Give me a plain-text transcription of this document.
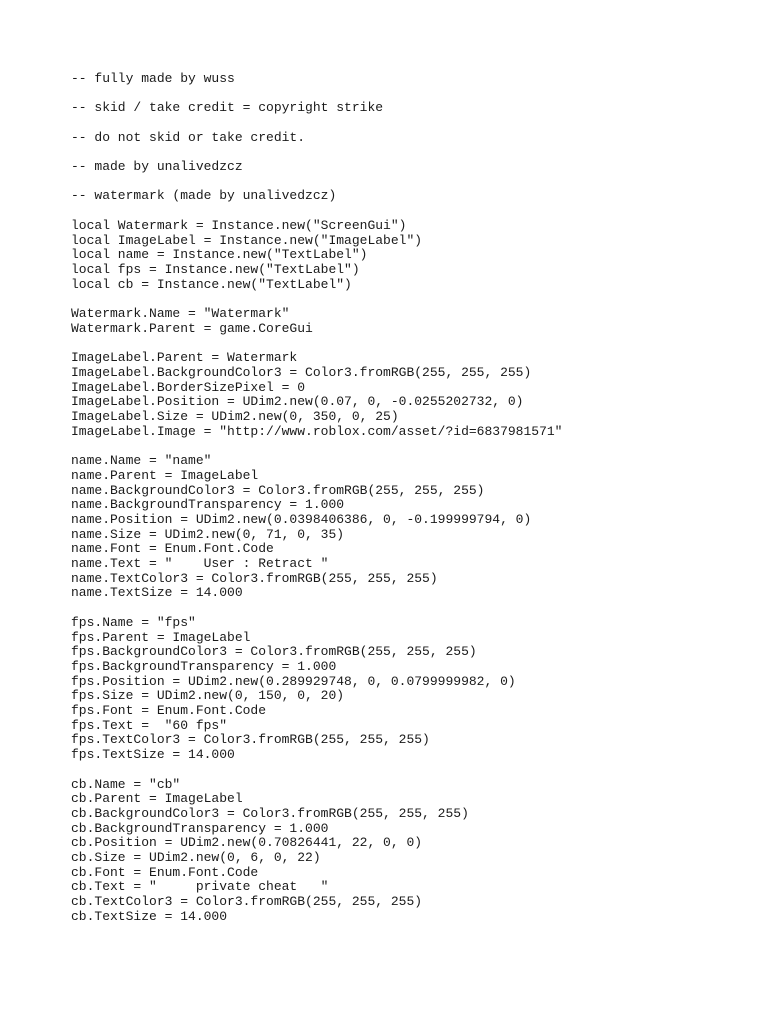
-- fully made by wuss
-- skid / take credit = copyright strike
-- do not skid or take credit.
-- made by unalivedzcz
-- watermark (made by unalivedzcz)
local Watermark = Instance.new("ScreenGui")
local ImageLabel = Instance.new("ImageLabel")
local name = Instance.new("TextLabel")
local fps = Instance.new("TextLabel")
local cb = Instance.new("TextLabel")
Watermark.Name = "Watermark"
Watermark.Parent = game.CoreGui
ImageLabel.Parent = Watermark
ImageLabel.BackgroundColor3 = Color3.fromRGB(255, 255, 255)
ImageLabel.BorderSizePixel = 0
ImageLabel.Position = UDim2.new(0.07, 0, -0.0255202732, 0)
ImageLabel.Size = UDim2.new(0, 350, 0, 25)
ImageLabel.Image = "http://www.roblox.com/asset/?id=6837981571"
name.Name = "name"
name.Parent = ImageLabel
name.BackgroundColor3 = Color3.fromRGB(255, 255, 255)
name.BackgroundTransparency = 1.000
name.Position = UDim2.new(0.0398406386, 0, -0.199999794, 0)
name.Size = UDim2.new(0, 71, 0, 35)
name.Font = Enum.Font.Code
name.Text = "    User : Retract "
name.TextColor3 = Color3.fromRGB(255, 255, 255)
name.TextSize = 14.000
fps.Name = "fps"
fps.Parent = ImageLabel
fps.BackgroundColor3 = Color3.fromRGB(255, 255, 255)
fps.BackgroundTransparency = 1.000
fps.Position = UDim2.new(0.289929748, 0, 0.0799999982, 0)
fps.Size = UDim2.new(0, 150, 0, 20)
fps.Font = Enum.Font.Code
fps.Text =  "60 fps"
fps.TextColor3 = Color3.fromRGB(255, 255, 255)
fps.TextSize = 14.000
cb.Name = "cb"
cb.Parent = ImageLabel
cb.BackgroundColor3 = Color3.fromRGB(255, 255, 255)
cb.BackgroundTransparency = 1.000
cb.Position = UDim2.new(0.70826441, 22, 0, 0)
cb.Size = UDim2.new(0, 6, 0, 22)
cb.Font = Enum.Font.Code
cb.Text = "     private cheat   "
cb.TextColor3 = Color3.fromRGB(255, 255, 255)
cb.TextSize = 14.000
